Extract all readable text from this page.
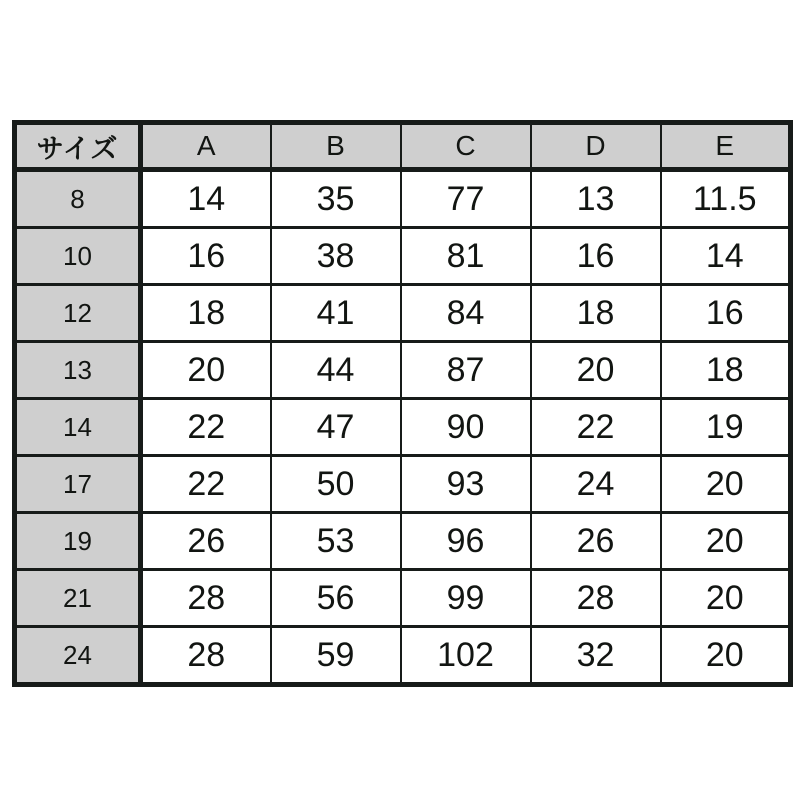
サイズ	A	B	C	D	E
8	14	35	77	13	11.5
10	16	38	81	16	14
12	18	41	84	18	16
13	20	44	87	20	18
14	22	47	90	22	19
17	22	50	93	24	20
19	26	53	96	26	20
21	28	56	99	28	20
24	28	59	102	32	20
